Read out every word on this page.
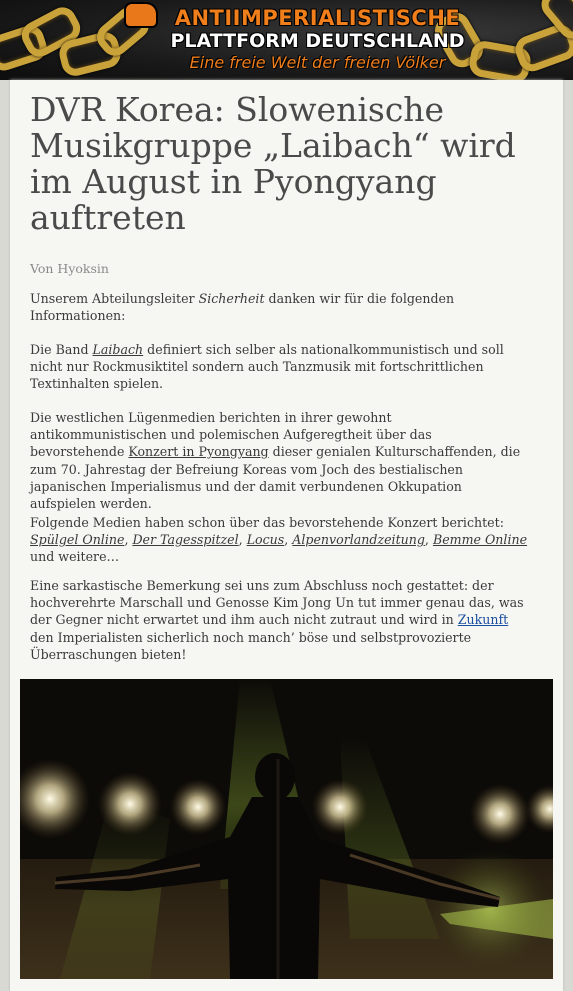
ANTIIMPERIALISTISCHE
PLATTFORM DEUTSCHLAND
Eine freie Welt der freien Völker
DVR Korea: Slowenische Musikgruppe „Laibach“ wird im August in Pyongyang auftreten
Von Hyoksin

Unserem Abteilungsleiter Sicherheit danken wir für die folgenden Informationen:

Die Band Laibach definiert sich selber als nationalkommunistisch und soll nicht nur Rockmusiktitel sondern auch Tanzmusik mit fortschrittlichen Textinhalten spielen.

Die westlichen Lügenmedien berichten in ihrer gewohnt antikommunistischen und polemischen Aufgeregtheit über das bevorstehende Konzert in Pyongyang dieser genialen Kulturschaffenden, die zum 70. Jahrestag der Befreiung Koreas vom Joch des bestialischen japanischen Imperialismus und der damit verbundenen Okkupation aufspielen werden.

Folgende Medien haben schon über das bevorstehende Konzert berichtet:
Spülgel Online, Der Tagesspitzel, Locus, Alpenvorlandzeitung, Bemme Online und weitere…

Eine sarkastische Bemerkung sei uns zum Abschluss noch gestattet: der hochverehrte Marschall und Genosse Kim Jong Un tut immer genau das, was der Gegner nicht erwartet und ihm auch nicht zutraut und wird in Zukunft den Imperialisten sicherlich noch manch’ böse und selbstprovozierte Überraschungen bieten!
